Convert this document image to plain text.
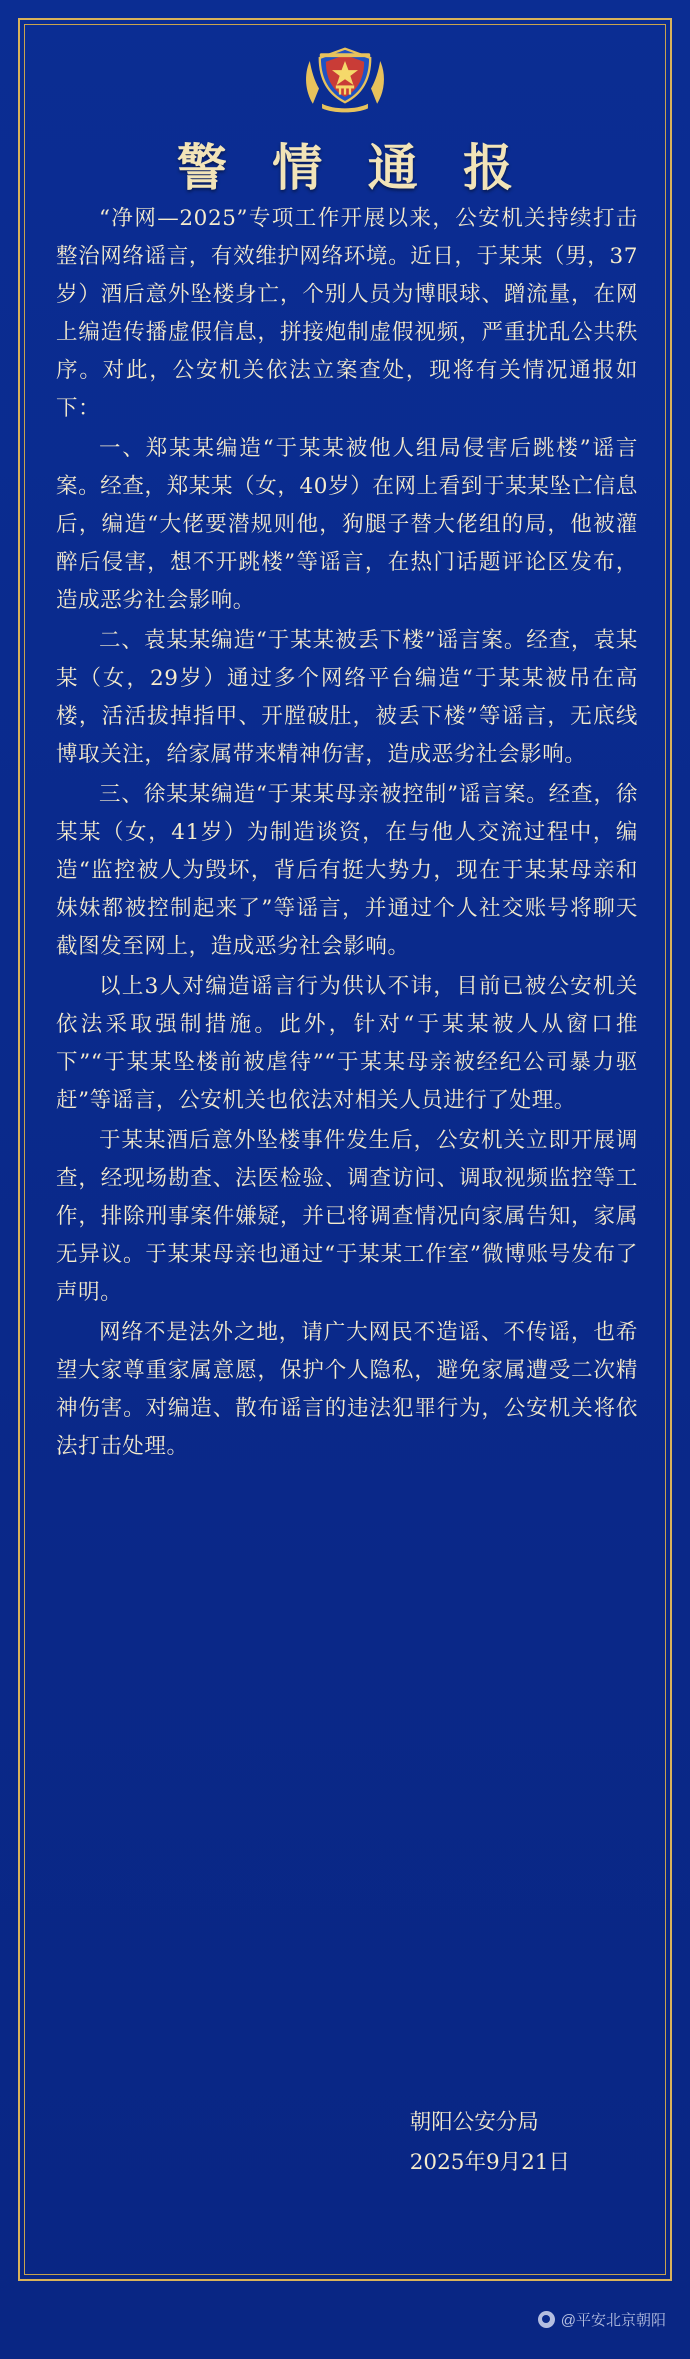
警 情 通 报

“净网—2025”专项工作开展以来，公安机关持续打击整治网络谣言，有效维护网络环境。近日，于某某（男，37岁）酒后意外坠楼身亡，个别人员为博眼球、蹭流量，在网上编造传播虚假信息，拼接炮制虚假视频，严重扰乱公共秩序。对此，公安机关依法立案查处，现将有关情况通报如下：

一、郑某某编造“于某某被他人组局侵害后跳楼”谣言案。经查，郑某某（女，40岁）在网上看到于某某坠亡信息后，编造“大佬要潜规则他，狗腿子替大佬组的局，他被灌醉后侵害，想不开跳楼”等谣言，在热门话题评论区发布，造成恶劣社会影响。

二、袁某某编造“于某某被丢下楼”谣言案。经查，袁某某（女，29岁）通过多个网络平台编造“于某某被吊在高楼，活活拔掉指甲、开膛破肚，被丢下楼”等谣言，无底线博取关注，给家属带来精神伤害，造成恶劣社会影响。

三、徐某某编造“于某某母亲被控制”谣言案。经查，徐某某（女，41岁）为制造谈资，在与他人交流过程中，编造“监控被人为毁坏，背后有挺大势力，现在于某某母亲和妹妹都被控制起来了”等谣言，并通过个人社交账号将聊天截图发至网上，造成恶劣社会影响。

以上3人对编造谣言行为供认不讳，目前已被公安机关依法采取强制措施。此外，针对“于某某被人从窗口推下”“于某某坠楼前被虐待”“于某某母亲被经纪公司暴力驱赶”等谣言，公安机关也依法对相关人员进行了处理。

于某某酒后意外坠楼事件发生后，公安机关立即开展调查，经现场勘查、法医检验、调查访问、调取视频监控等工作，排除刑事案件嫌疑，并已将调查情况向家属告知，家属无异议。于某某母亲也通过“于某某工作室”微博账号发布了声明。

网络不是法外之地，请广大网民不造谣、不传谣，也希望大家尊重家属意愿，保护个人隐私，避免家属遭受二次精神伤害。对编造、散布谣言的违法犯罪行为，公安机关将依法打击处理。

朝阳公安分局
2025年9月21日
@平安北京朝阳
